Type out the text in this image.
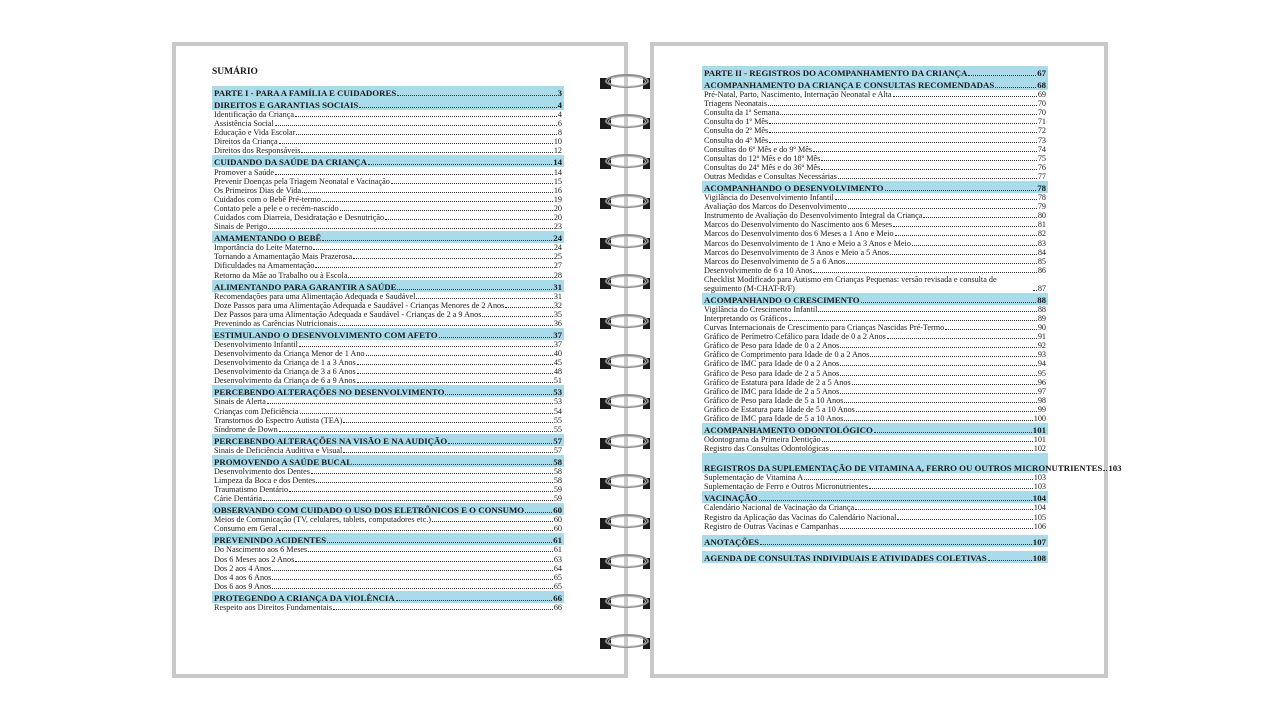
SUMÁRIO
PARTE I - PARA A FAMÍLIA E CUIDADORES	3
DIREITOS E GARANTIAS SOCIAIS	4
Identificação da Criança	4
Assistência Social	6
Educação e Vida Escolar	8
Direitos da Criança	10
Direitos dos Responsáveis	12
CUIDANDO DA SAÚDE DA CRIANÇA	14
Promover a Saúde	14
Prevenir Doenças pela Triagem Neonatal e Vacinação	15
Os Primeiros Dias de Vida	16
Cuidados com o Bebê Pré-termo	19
Contato pele a pele e o recém-nascido	20
Cuidados com Diarreia, Desidratação e Desnutrição	20
Sinais de Perigo	23
AMAMENTANDO O BEBÊ	24
Importância do Leite Materno	24
Tornando a Amamentação Mais Prazerosa	25
Dificuldades na Amamentação	27
Retorno da Mãe ao Trabalho ou à Escola	28
ALIMENTANDO PARA GARANTIR A SAÚDE	31
Recomendações para uma Alimentação Adequada e Saudável	31
Doze Passos para uma Alimentação Adequada e Saudável - Crianças Menores de 2 Anos	32
Dez Passos para uma Alimentação Adequada e Saudável - Crianças de 2 a 9 Anos	35
Prevenindo as Carências Nutricionais	36
ESTIMULANDO O DESENVOLVIMENTO COM AFETO	37
Desenvolvimento Infantil	37
Desenvolvimento da Criança Menor de 1 Ano	40
Desenvolvimento da Criança de 1 a 3 Anos	45
Desenvolvimento da Criança de 3 a 6 Anos	48
Desenvolvimento da Criança de 6 a 9 Anos	51
PERCEBENDO ALTERAÇÕES NO DESENVOLVIMENTO	53
Sinais de Alerta	53
Crianças com Deficiência	54
Transtornos do Espectro Autista (TEA)	55
Síndrome de Down	55
PERCEBENDO ALTERAÇÕES NA VISÃO E NA AUDIÇÃO	57
Sinais de Deficiência Auditiva e Visual	57
PROMOVENDO A SAÚDE BUCAL	58
Desenvolvimento dos Dentes	58
Limpeza da Boca e dos Dentes	58
Traumatismo Dentário	59
Cárie Dentária	59
OBSERVANDO COM CUIDADO O USO DOS ELETRÔNICOS E O CONSUMO	60
Meios de Comunicação (TV, celulares, tablets, computadores etc.)	60
Consumo em Geral	60
PREVENINDO ACIDENTES	61
Do Nascimento aos 6 Meses	61
Dos 6 Meses aos 2 Anos	63
Dos 2 aos 4 Anos	64
Dos 4 aos 6 Anos	65
Dos 6 aos 9 Anos	65
PROTEGENDO A CRIANÇA DA VIOLÊNCIA	66
Respeito aos Direitos Fundamentais	66
PARTE II - REGISTROS DO ACOMPANHAMENTO DA CRIANÇA	67
ACOMPANHAMENTO DA CRIANÇA E CONSULTAS RECOMENDADAS	68
Pré-Natal, Parto, Nascimento, Internação Neonatal e Alta	69
Triagens Neonatais	70
Consulta da 1ª Semana	70
Consulta do 1º Mês	71
Consulta do 2º Mês	72
Consulta do 4º Mês	73
Consultas do 6º Mês e do 9º Mês	74
Consultas do 12º Mês e do 18º Mês	75
Consultas do 24º Mês e do 36º Mês	76
Outras Medidas e Consultas Necessárias	77
ACOMPANHANDO O DESENVOLVIMENTO	78
Vigilância do Desenvolvimento Infantil	78
Avaliação dos Marcos do Desenvolvimento	79
Instrumento de Avaliação do Desenvolvimento Integral da Criança	80
Marcos do Desenvolvimento do Nascimento aos 6 Meses	81
Marcos do Desenvolvimento dos 6 Meses a 1 Ano e Meio	82
Marcos do Desenvolvimento de 1 Ano e Meio a 3 Anos e Meio	83
Marcos do Desenvolvimento de 3 Anos e Meio a 5 Anos	84
Marcos do Desenvolvimento de 5 a 6 Anos	85
Desenvolvimento de 6 a 10 Anos	86
Checklist Modificado para Autismo em Crianças Pequenas: versão revisada e consulta de seguimento (M-CHAT-R/F)	87
ACOMPANHANDO O CRESCIMENTO	88
Vigilância do Crescimento Infantil	88
Interpretando os Gráficos	89
Curvas Internacionais de Crescimento para Crianças Nascidas Pré-Termo	90
Gráfico de Perímetro Cefálico para Idade de 0 a 2 Anos	91
Gráfico de Peso para Idade de 0 a 2 Anos	92
Gráfico de Comprimento para Idade de 0 a 2 Anos	93
Gráfico de IMC para Idade de 0 a 2 Anos	94
Gráfico de Peso para Idade de 2 a 5 Anos	95
Gráfico de Estatura para Idade de 2 a 5 Anos	96
Gráfico de IMC para Idade de 2 a 5 Anos	97
Gráfico de Peso para Idade de 5 a 10 Anos	98
Gráfico de Estatura para Idade de 5 a 10 Anos	99
Gráfico de IMC para Idade de 5 a 10 Anos	100
ACOMPANHAMENTO ODONTOLÓGICO	101
Odontograma da Primeira Dentição	101
Registro das Consultas Odontológicas	102
REGISTROS DA SUPLEMENTAÇÃO DE VITAMINA A, FERRO OU OUTROS MICRONUTRIENTES 103
Suplementação de Vitamina A	103
Suplementação de Ferro e Outros Micronutrientes	103
VACINAÇÃO	104
Calendário Nacional de Vacinação da Criança	104
Registro da Aplicação das Vacinas do Calendário Nacional	105
Registro de Outras Vacinas e Campanhas	106
ANOTAÇÕES	107
AGENDA DE CONSULTAS INDIVIDUAIS E ATIVIDADES COLETIVAS	108
